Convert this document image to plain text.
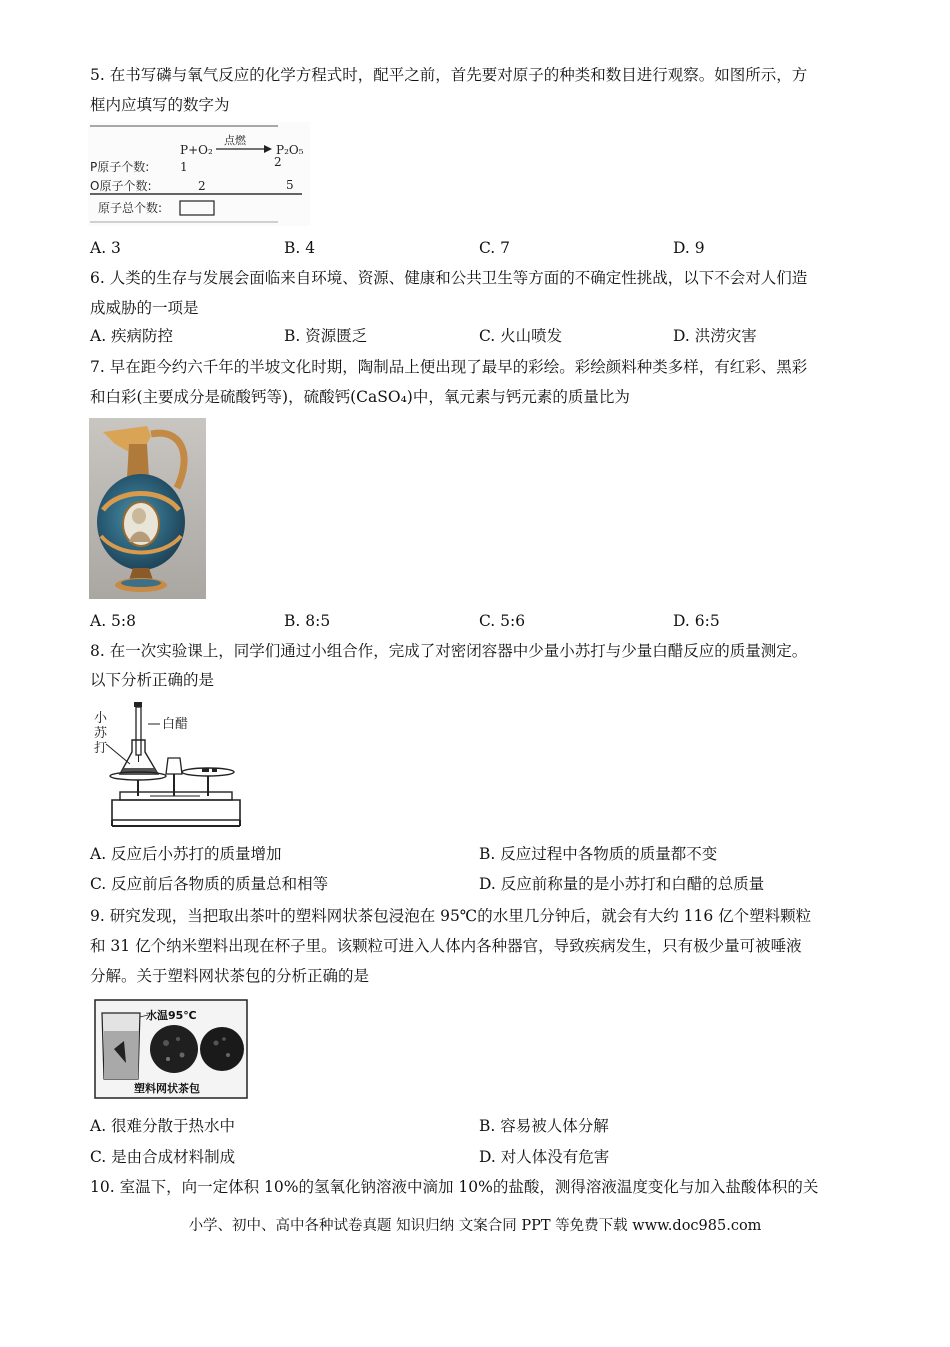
5. 在书写磷与氧气反应的化学方程式时，配平之前，首先要对原子的种类和数目进行观察。如图所示，方
框内应填写的数字为
P+O₂
点燃
P₂O₅
P原子个数:	1	2
O原子个数:	2	5
原子总个数:
A. 3	B. 4	C. 7	D. 9
6. 人类的生存与发展会面临来自环境、资源、健康和公共卫生等方面的不确定性挑战，以下不会对人们造
成威胁的一项是
A. 疾病防控	B. 资源匮乏	C. 火山喷发	D. 洪涝灾害
7. 早在距今约六千年的半坡文化时期，陶制品上便出现了最早的彩绘。彩绘颜料种类多样，有红彩、黑彩
和白彩(主要成分是硫酸钙等)，硫酸钙(CaSO₄)中，氧元素与钙元素的质量比为
A. 5:8	B. 8:5	C. 5:6	D. 6:5
8. 在一次实验课上，同学们通过小组合作，完成了对密闭容器中少量小苏打与少量白醋反应的质量测定。
以下分析正确的是
小
苏
打
白醋
A. 反应后小苏打的质量增加	B. 反应过程中各物质的质量都不变
C. 反应前后各物质的质量总和相等	D. 反应前称量的是小苏打和白醋的总质量
9. 研究发现，当把取出茶叶的塑料网状茶包浸泡在 95℃的水里几分钟后，就会有大约 116 亿个塑料颗粒
和 31 亿个纳米塑料出现在杯子里。该颗粒可进入人体内各种器官，导致疾病发生，只有极少量可被唾液
分解。关于塑料网状茶包的分析正确的是
水温95℃
塑料网状茶包
A. 很难分散于热水中	B. 容易被人体分解
C. 是由合成材料制成	D. 对人体没有危害
10. 室温下，向一定体积 10%的氢氧化钠溶液中滴加 10%的盐酸，测得溶液温度变化与加入盐酸体积的关
小学、初中、高中各种试卷真题 知识归纳 文案合同 PPT 等免费下载 www.doc985.com
